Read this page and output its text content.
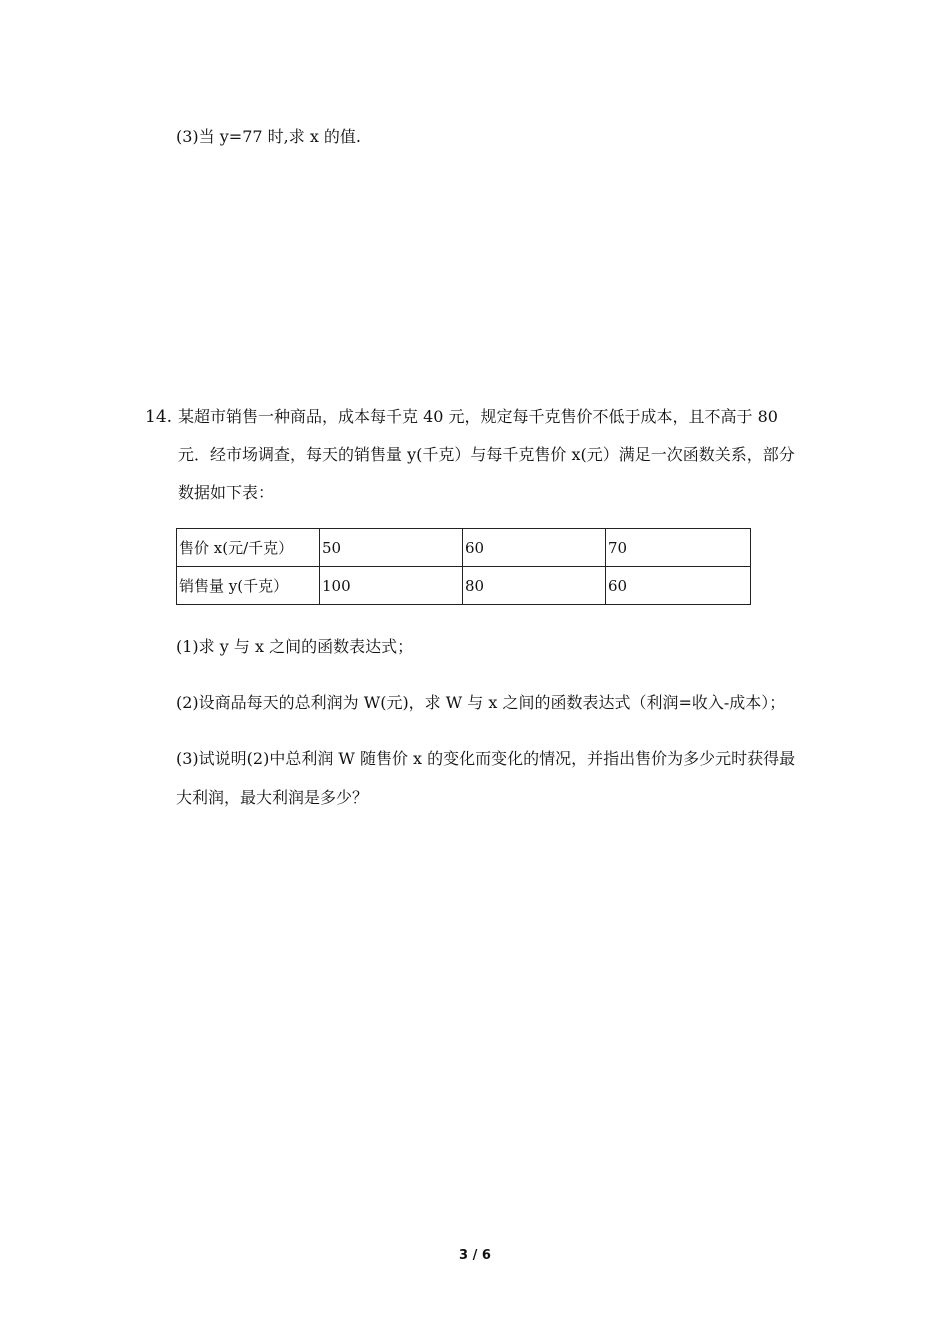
(3)当 y=77 时,求 x 的值.
14. 某超市销售一种商品，成本每千克 40 元，规定每千克售价不低于成本，且不高于 80
元．经市场调查，每天的销售量 y(千克）与每千克售价 x(元）满足一次函数关系，部分
数据如下表：
售价 x(元/千克）	50	60	70
销售量 y(千克）	100	80	60
(1)求 y 与 x 之间的函数表达式；
(2)设商品每天的总利润为 W(元)，求 W 与 x 之间的函数表达式（利润=收入-成本）；
(3)试说明(2)中总利润 W 随售价 x 的变化而变化的情况，并指出售价为多少元时获得最
大利润，最大利润是多少？
3 / 6
